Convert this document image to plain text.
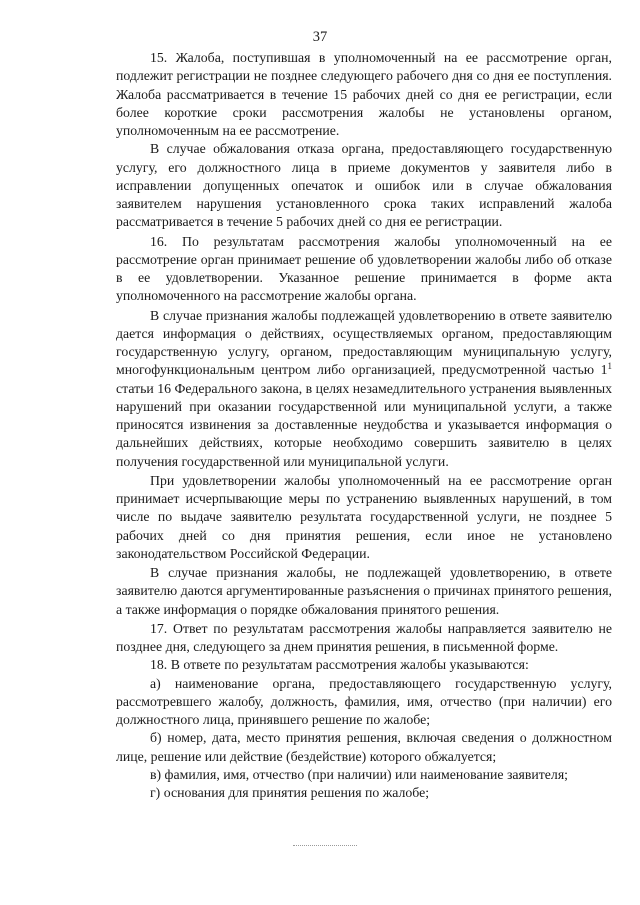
37

15. Жалоба, поступившая в уполномоченный на ее рассмотрение орган, подлежит регистрации не позднее следующего рабочего дня со дня ее поступления. Жалоба рассматривается в течение 15 рабочих дней со дня ее регистрации, если более короткие сроки рассмотрения жалобы не установлены органом, уполномоченным на ее рассмотрение.

В случае обжалования отказа органа, предоставляющего государственную услугу, его должностного лица в приеме документов у заявителя либо в исправлении допущенных опечаток и ошибок или в случае обжалования заявителем нарушения установленного срока таких исправлений жалоба рассматривается в течение 5 рабочих дней со дня ее регистрации.

16. По результатам рассмотрения жалобы уполномоченный на ее рассмотрение орган принимает решение об удовлетворении жалобы либо об отказе в ее удовлетворении. Указанное решение принимается в форме акта уполномоченного на рассмотрение жалобы органа.

В случае признания жалобы подлежащей удовлетворению в ответе заявителю дается информация о действиях, осуществляемых органом, предоставляющим государственную услугу, органом, предоставляющим муниципальную услугу, многофункциональным центром либо организацией, предусмотренной частью $1^1$ статьи 16 Федерального закона, в целях незамедлительного устранения выявленных нарушений при оказании государственной или муниципальной услуги, а также приносятся извинения за доставленные неудобства и указывается информация о дальнейших действиях, которые необходимо совершить заявителю в целях получения государственной или муниципальной услуги.

При удовлетворении жалобы уполномоченный на ее рассмотрение орган принимает исчерпывающие меры по устранению выявленных нарушений, в том числе по выдаче заявителю результата государственной услуги, не позднее 5 рабочих дней со дня принятия решения, если иное не установлено законодательством Российской Федерации.

В случае признания жалобы, не подлежащей удовлетворению, в ответе заявителю даются аргументированные разъяснения о причинах принятого решения, а также информация о порядке обжалования принятого решения.

17. Ответ по результатам рассмотрения жалобы направляется заявителю не позднее дня, следующего за днем принятия решения, в письменной форме.

18. В ответе по результатам рассмотрения жалобы указываются:

а) наименование органа, предоставляющего государственную услугу, рассмотревшего жалобу, должность, фамилия, имя, отчество (при наличии) его должностного лица, принявшего решение по жалобе;

б) номер, дата, место принятия решения, включая сведения о должностном лице, решение или действие (бездействие) которого обжалуется;

в) фамилия, имя, отчество (при наличии) или наименование заявителя;

г) основания для принятия решения по жалобе;
